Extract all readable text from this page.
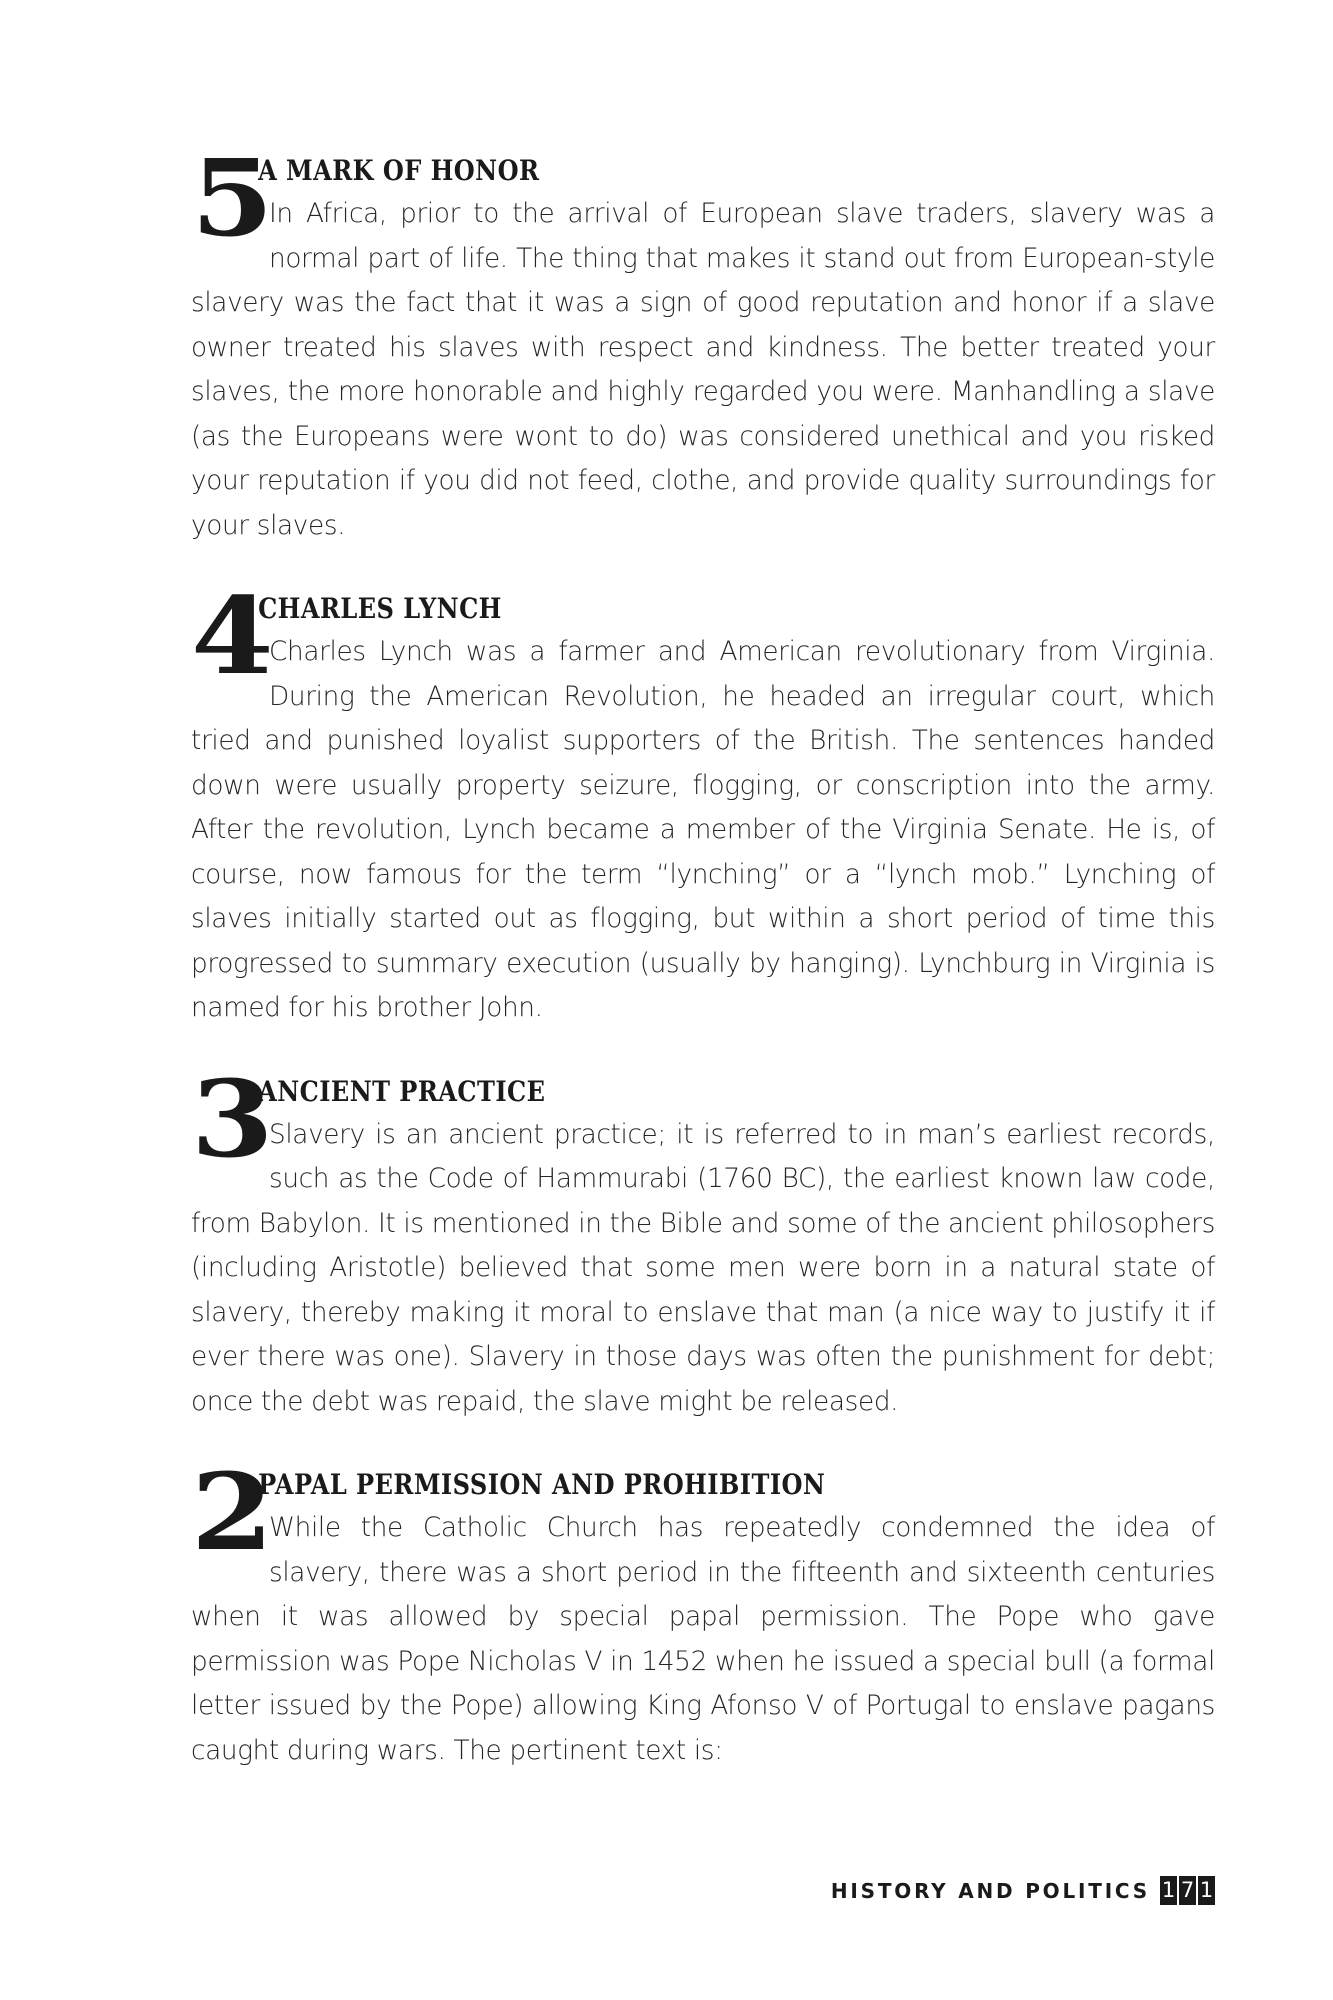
5
A MARK OF HONOR

In Africa, prior to the arrival of European slave traders, slavery was a normal part of life. The thing that makes it stand out from European-style slavery was the fact that it was a sign of good reputation and honor if a slave owner treated his slaves with respect and kindness. The better treated your slaves, the more honorable and highly regarded you were. Manhandling a slave (as the Europeans were wont to do) was considered unethical and you risked your reputation if you did not feed, clothe, and provide quality surroundings for your slaves.

4
CHARLES LYNCH

Charles Lynch was a farmer and American revolutionary from Virginia. During the American Revolution, he headed an irregular court, which tried and punished loyalist supporters of the British. The sentences handed down were usually property seizure, flogging, or conscription into the army. After the revolution, Lynch became a member of the Virginia Senate. He is, of course, now famous for the term “lynching” or a “lynch mob.” Lynching of slaves initially started out as flogging, but within a short period of time this progressed to summary execution (usually by hanging). Lynchburg in Virginia is named for his brother John.

3
ANCIENT PRACTICE

Slavery is an ancient practice; it is referred to in man’s earliest records, such as the Code of Hammurabi (1760 BC), the earliest known law code, from Babylon. It is mentioned in the Bible and some of the ancient philosophers (including Aristotle) believed that some men were born in a natural state of slavery, thereby making it moral to enslave that man (a nice way to justify it if ever there was one). Slavery in those days was often the punishment for debt; once the debt was repaid, the slave might be released.

2
PAPAL PERMISSION AND PROHIBITION

While the Catholic Church has repeatedly condemned the idea of slavery, there was a short period in the fifteenth and sixteenth centuries when it was allowed by special papal permission. The Pope who gave permission was Pope Nicholas V in 1452 when he issued a special bull (a formal letter issued by the Pope) allowing King Afonso V of Portugal to enslave pagans caught during wars. The pertinent text is:

HISTORY AND POLITICS 1 7 1
